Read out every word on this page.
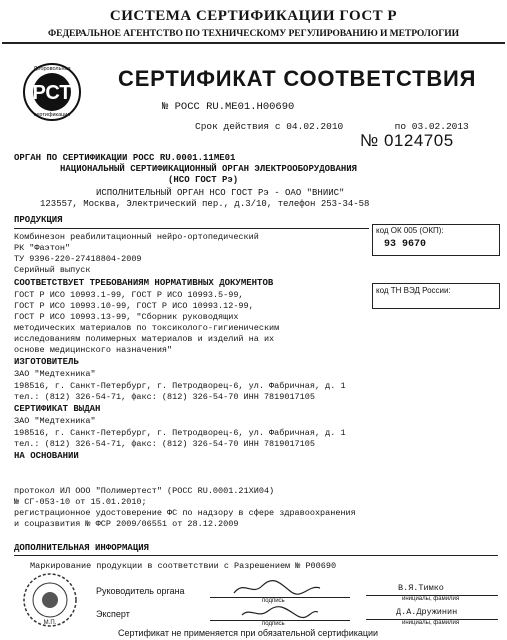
СИСТЕМА СЕРТИФИКАЦИИ ГОСТ Р
ФЕДЕРАЛЬНОЕ АГЕНТСТВО ПО ТЕХНИЧЕСКОМУ РЕГУЛИРОВАНИЮ И МЕТРОЛОГИИ
РСТ
Добровольная
сертификация
СЕРТИФИКАТ СООТВЕТСТВИЯ
№ РОСС RU.ME01.H00690
Срок действия с 04.02.2010	по 03.02.2013
№ 0124705
ОРГАН ПО СЕРТИФИКАЦИИ РОСС RU.0001.11МЕ01
НАЦИОНАЛЬНЫЙ СЕРТИФИКАЦИОННЫЙ ОРГАН ЭЛЕКТРООБОРУДОВАНИЯ
(НСО ГОСТ Рэ)
ИСПОЛНИТЕЛЬНЫЙ ОРГАН НСО ГОСТ Рэ - ОАО "ВНИИС"
123557, Москва, Электрический пер., д.3/10, телефон 253-34-58
ПРОДУКЦИЯ
Комбинезон реабилитационный нейро-ортопедический
РК "Фаэтон"
ТУ 9396-220-27418804-2009
Серийный выпуск
код ОК 005 (ОКП):
93 9670
код ТН ВЭД России:
СООТВЕТСТВУЕТ ТРЕБОВАНИЯМ НОРМАТИВНЫХ ДОКУМЕНТОВ
ГОСТ Р ИСО 10993.1-99, ГОСТ Р ИСО 10993.5-99,
ГОСТ Р ИСО 10993.10-99, ГОСТ Р ИСО 10993.12-99,
ГОСТ Р ИСО 10993.13-99, "Сборник руководящих
методических материалов по токсиколого-гигиеническим
исследованиям полимерных материалов и изделий на их
основе медицинского назначения"
ИЗГОТОВИТЕЛЬ
ЗАО "Медтехника"
198516, г. Санкт-Петербург, г. Петродворец-6, ул. Фабричная, д. 1
тел.: (812) 326-54-71, факс: (812) 326-54-70 ИНН 7819017105
СЕРТИФИКАТ ВЫДАН
ЗАО "Медтехника"
198516, г. Санкт-Петербург, г. Петродворец-6, ул. Фабричная, д. 1
тел.: (812) 326-54-71, факс: (812) 326-54-70 ИНН 7819017105
НА ОСНОВАНИИ
протокол ИЛ ООО "Полимертест" (РОСС RU.0001.21ХИ04)
№ СГ-053-10 от 15.01.2010;
регистрационное удостоверение ФС по надзору в сфере здравоохранения
и соцразвития № ФСР 2009/06551 от 28.12.2009
ДОПОЛНИТЕЛЬНАЯ ИНФОРМАЦИЯ
Маркирование продукции в соответствии с Разрешением № Р00690
М.П.
Руководитель органа
подпись
В.Я.Тимко
инициалы, фамилия
Эксперт
подпись
Д.А.Дружинин
инициалы, фамилия
Сертификат не применяется при обязательной сертификации
